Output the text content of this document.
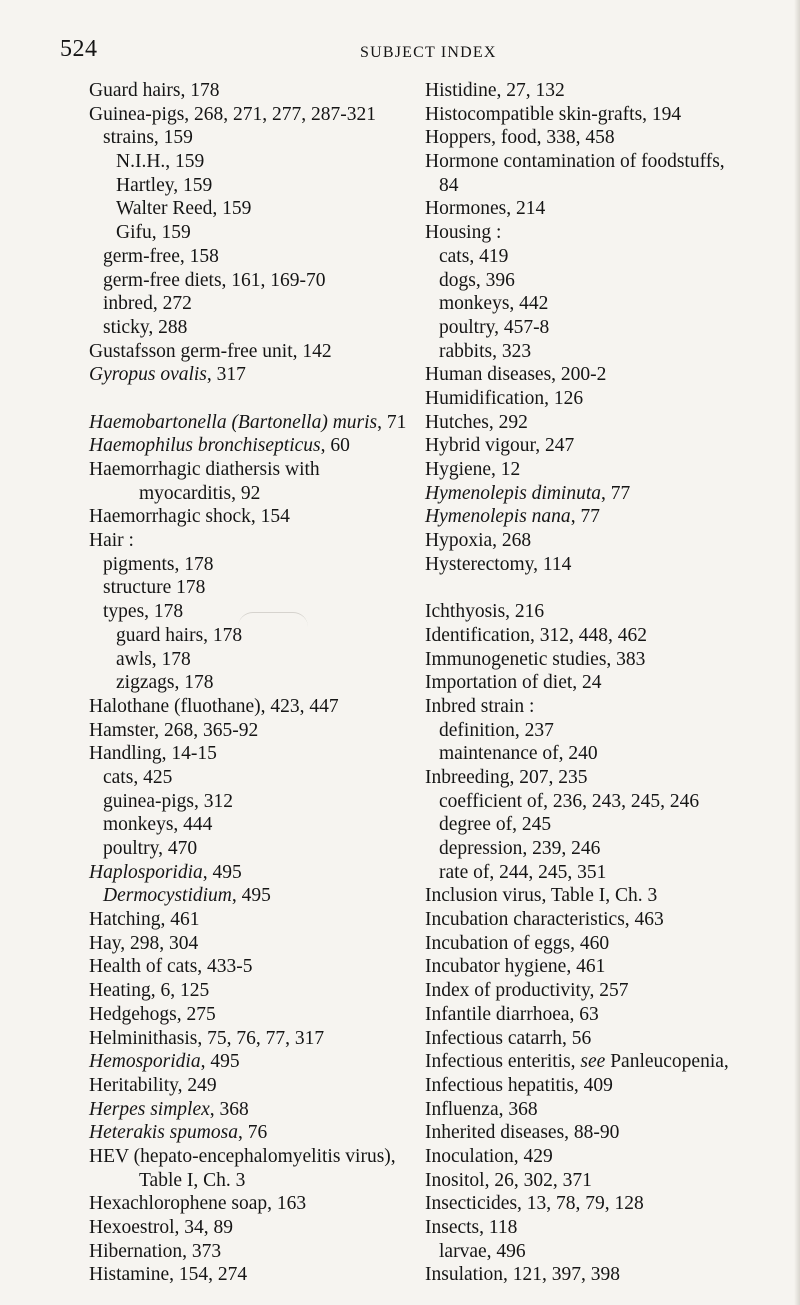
524	SUBJECT INDEX
Guard hairs, 178
Guinea-pigs, 268, 271, 277, 287-321
strains, 159
N.I.H., 159
Hartley, 159
Walter Reed, 159
Gifu, 159
germ-free, 158
germ-free diets, 161, 169-70
inbred, 272
sticky, 288
Gustafsson germ-free unit, 142
Gyropus ovalis, 317
Haemobartonella (Bartonella) muris, 71
Haemophilus bronchisepticus, 60
Haemorrhagic diathersis with
myocarditis, 92
Haemorrhagic shock, 154
Hair :
pigments, 178
structure 178
types, 178
guard hairs, 178
awls, 178
zigzags, 178
Halothane (fluothane), 423, 447
Hamster, 268, 365-92
Handling, 14-15
cats, 425
guinea-pigs, 312
monkeys, 444
poultry, 470
Haplosporidia, 495
Dermocystidium, 495
Hatching, 461
Hay, 298, 304
Health of cats, 433-5
Heating, 6, 125
Hedgehogs, 275
Helminithasis, 75, 76, 77, 317
Hemosporidia, 495
Heritability, 249
Herpes simplex, 368
Heterakis spumosa, 76
HEV (hepato-encephalomyelitis virus),
Table I, Ch. 3
Hexachlorophene soap, 163
Hexoestrol, 34, 89
Hibernation, 373
Histamine, 154, 274
Histidine, 27, 132
Histocompatible skin-grafts, 194
Hoppers, food, 338, 458
Hormone contamination of foodstuffs,
84
Hormones, 214
Housing :
cats, 419
dogs, 396
monkeys, 442
poultry, 457-8
rabbits, 323
Human diseases, 200-2
Humidification, 126
Hutches, 292
Hybrid vigour, 247
Hygiene, 12
Hymenolepis diminuta, 77
Hymenolepis nana, 77
Hypoxia, 268
Hysterectomy, 114
Ichthyosis, 216
Identification, 312, 448, 462
Immunogenetic studies, 383
Importation of diet, 24
Inbred strain :
definition, 237
maintenance of, 240
Inbreeding, 207, 235
coefficient of, 236, 243, 245, 246
degree of, 245
depression, 239, 246
rate of, 244, 245, 351
Inclusion virus, Table I, Ch. 3
Incubation characteristics, 463
Incubation of eggs, 460
Incubator hygiene, 461
Index of productivity, 257
Infantile diarrhoea, 63
Infectious catarrh, 56
Infectious enteritis, see Panleucopenia,
Infectious hepatitis, 409
Influenza, 368
Inherited diseases, 88-90
Inoculation, 429
Inositol, 26, 302, 371
Insecticides, 13, 78, 79, 128
Insects, 118
larvae, 496
Insulation, 121, 397, 398
